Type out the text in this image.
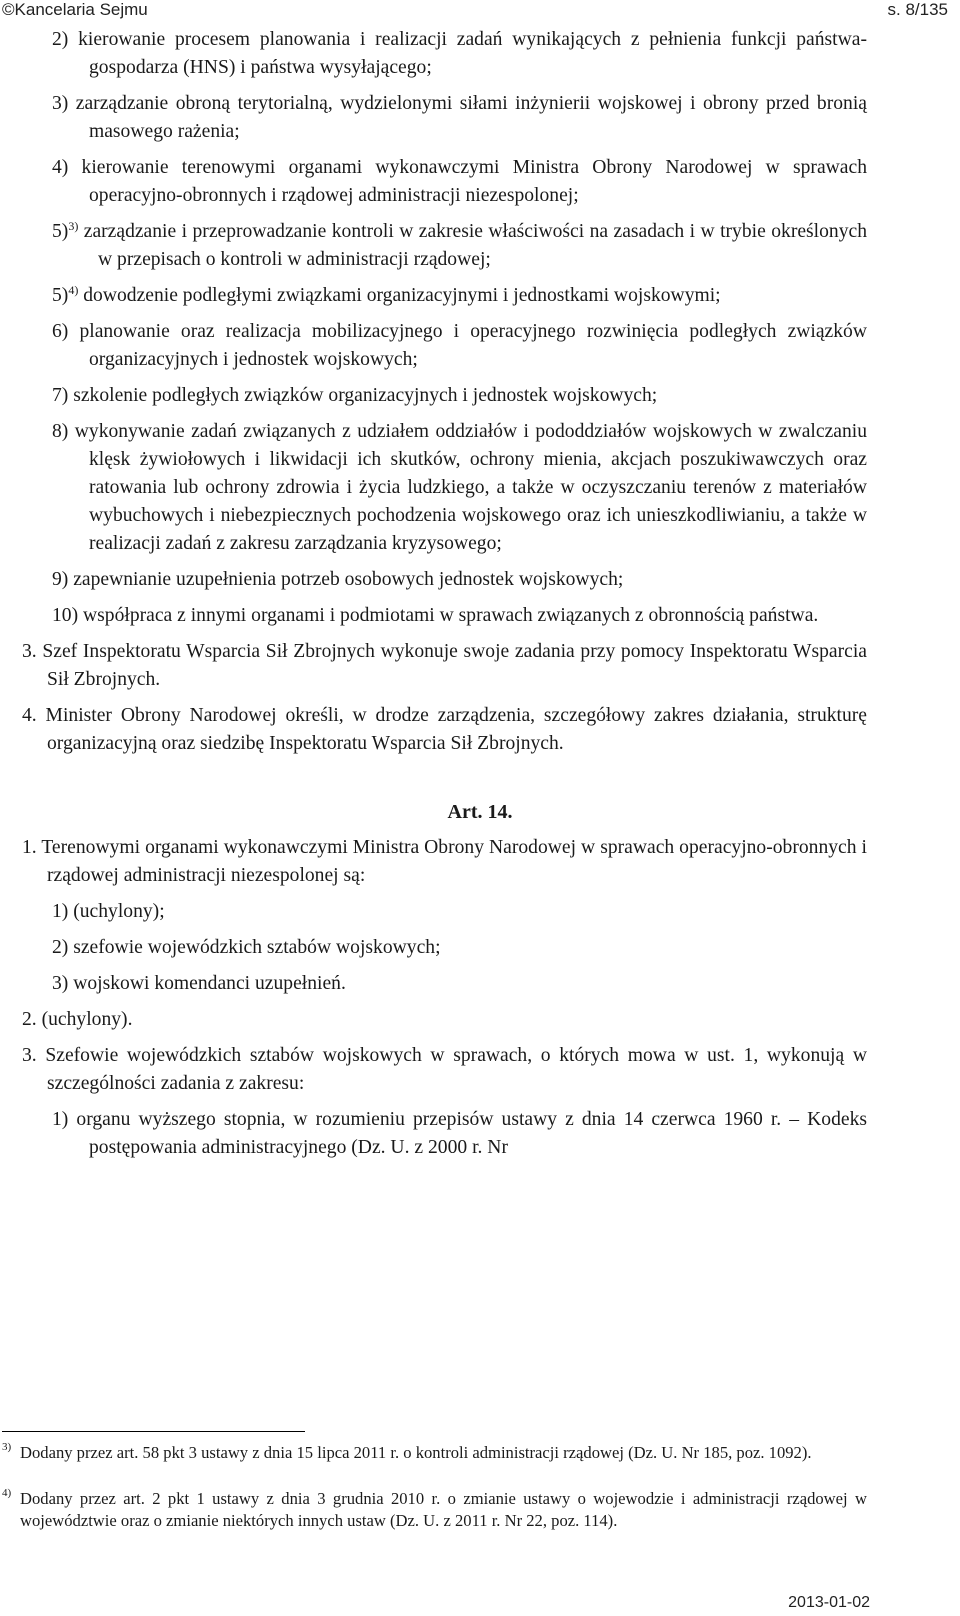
©Kancelaria Sejmu	s. 8/135
2) kierowanie procesem planowania i realizacji zadań wynikających z pełnienia funkcji państwa-gospodarza (HNS) i państwa wysyłającego;
3) zarządzanie obroną terytorialną, wydzielonymi siłami inżynierii wojskowej i obrony przed bronią masowego rażenia;
4) kierowanie terenowymi organami wykonawczymi Ministra Obrony Narodowej w sprawach operacyjno-obronnych i rządowej administracji niezespolonej;
5)$^{3)}$ zarządzanie i przeprowadzanie kontroli w zakresie właściwości na zasadach i w trybie określonych w przepisach o kontroli w administracji rządowej;
5)$^{4)}$ dowodzenie podległymi związkami organizacyjnymi i jednostkami wojskowymi;
6) planowanie oraz realizacja mobilizacyjnego i operacyjnego rozwinięcia podległych związków organizacyjnych i jednostek wojskowych;
7) szkolenie podległych związków organizacyjnych i jednostek wojskowych;
8) wykonywanie zadań związanych z udziałem oddziałów i pododdziałów wojskowych w zwalczaniu klęsk żywiołowych i likwidacji ich skutków, ochrony mienia, akcjach poszukiwawczych oraz ratowania lub ochrony zdrowia i życia ludzkiego, a także w oczyszczaniu terenów z materiałów wybuchowych i niebezpiecznych pochodzenia wojskowego oraz ich unieszkodliwianiu, a także w realizacji zadań z zakresu zarządzania kryzysowego;
9) zapewnianie uzupełnienia potrzeb osobowych jednostek wojskowych;
10) współpraca z innymi organami i podmiotami w sprawach związanych z obronnością państwa.
3. Szef Inspektoratu Wsparcia Sił Zbrojnych wykonuje swoje zadania przy pomocy Inspektoratu Wsparcia Sił Zbrojnych.
4. Minister Obrony Narodowej określi, w drodze zarządzenia, szczegółowy zakres działania, strukturę organizacyjną oraz siedzibę Inspektoratu Wsparcia Sił Zbrojnych.
Art. 14.
1. Terenowymi organami wykonawczymi Ministra Obrony Narodowej w sprawach operacyjno-obronnych i rządowej administracji niezespolonej są:
1) (uchylony);
2) szefowie wojewódzkich sztabów wojskowych;
3) wojskowi komendanci uzupełnień.
2. (uchylony).
3. Szefowie wojewódzkich sztabów wojskowych w sprawach, o których mowa w ust. 1, wykonują w szczególności zadania z zakresu:
1) organu wyższego stopnia, w rozumieniu przepisów ustawy z dnia 14 czerwca 1960 r. – Kodeks postępowania administracyjnego (Dz. U. z 2000 r. Nr
3) Dodany przez art. 58 pkt 3 ustawy z dnia 15 lipca 2011 r. o kontroli administracji rządowej (Dz. U. Nr 185, poz. 1092).
4) Dodany przez art. 2 pkt 1 ustawy z dnia 3 grudnia 2010 r. o zmianie ustawy o wojewodzie i administracji rządowej w województwie oraz o zmianie niektórych innych ustaw (Dz. U. z 2011 r. Nr 22, poz. 114).
2013-01-02
